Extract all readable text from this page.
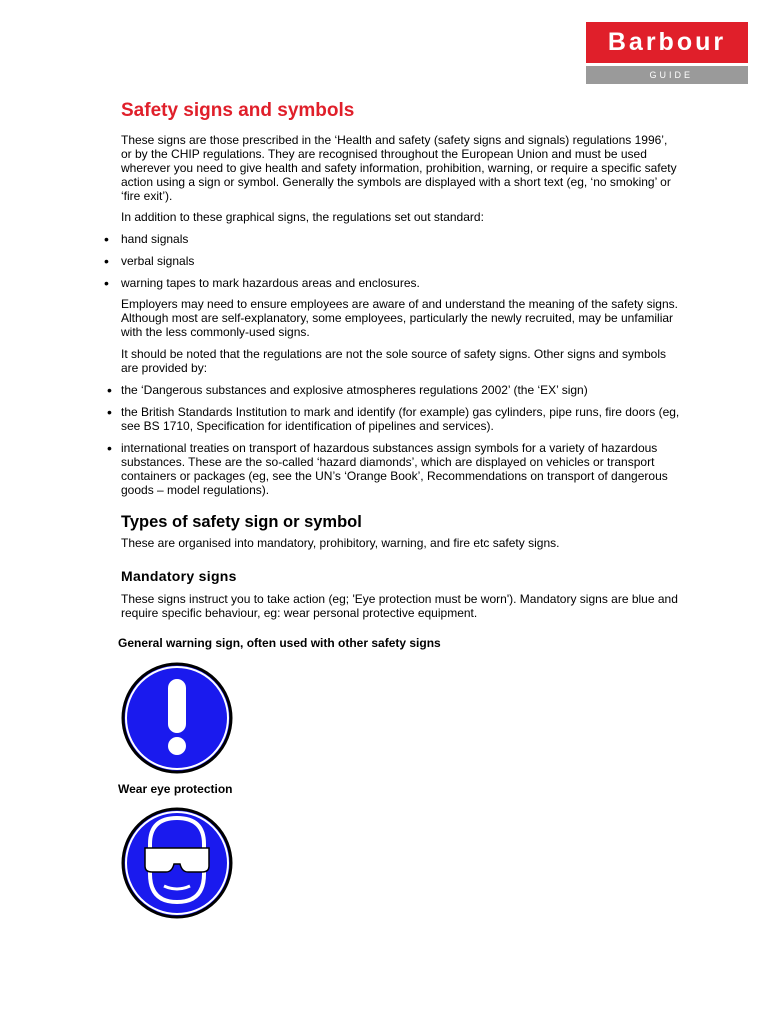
Barbour
GUIDE
Safety signs and symbols

These signs are those prescribed in the ‘Health and safety (safety signs and signals) regulations 1996’, or by the CHIP regulations. They are recognised throughout the European Union and must be used wherever you need to give health and safety information, prohibition, warning, or require a specific safety action using a sign or symbol. Generally the symbols are displayed with a short text (eg, ‘no smoking’ or ‘fire exit’).

In addition to these graphical signs, the regulations set out standard:

• hand signals

• verbal signals

• warning tapes to mark hazardous areas and enclosures.

Employers may need to ensure employees are aware of and understand the meaning of the safety signs. Although most are self-explanatory, some employees, particularly the newly recruited, may be unfamiliar with the less commonly-used signs.

It should be noted that the regulations are not the sole source of safety signs. Other signs and symbols are provided by:

• the ‘Dangerous substances and explosive atmospheres regulations 2002’ (the ‘EX’ sign)

• the British Standards Institution to mark and identify (for example) gas cylinders, pipe runs, fire doors (eg, see BS 1710, Specification for identification of pipelines and services).

• international treaties on transport of hazardous substances assign symbols for a variety of hazardous substances. These are the so-called ‘hazard diamonds’, which are displayed on vehicles or transport containers or packages (eg, see the UN’s ‘Orange Book’, Recommendations on transport of dangerous goods – model regulations).

Types of safety sign or symbol

These are organised into mandatory, prohibitory, warning, and fire etc safety signs.

Mandatory signs

These signs instruct you to take action (eg; 'Eye protection must be worn'). Mandatory signs are blue and require specific behaviour, eg: wear personal protective equipment.

General warning sign, often used with other safety signs
Wear eye protection
